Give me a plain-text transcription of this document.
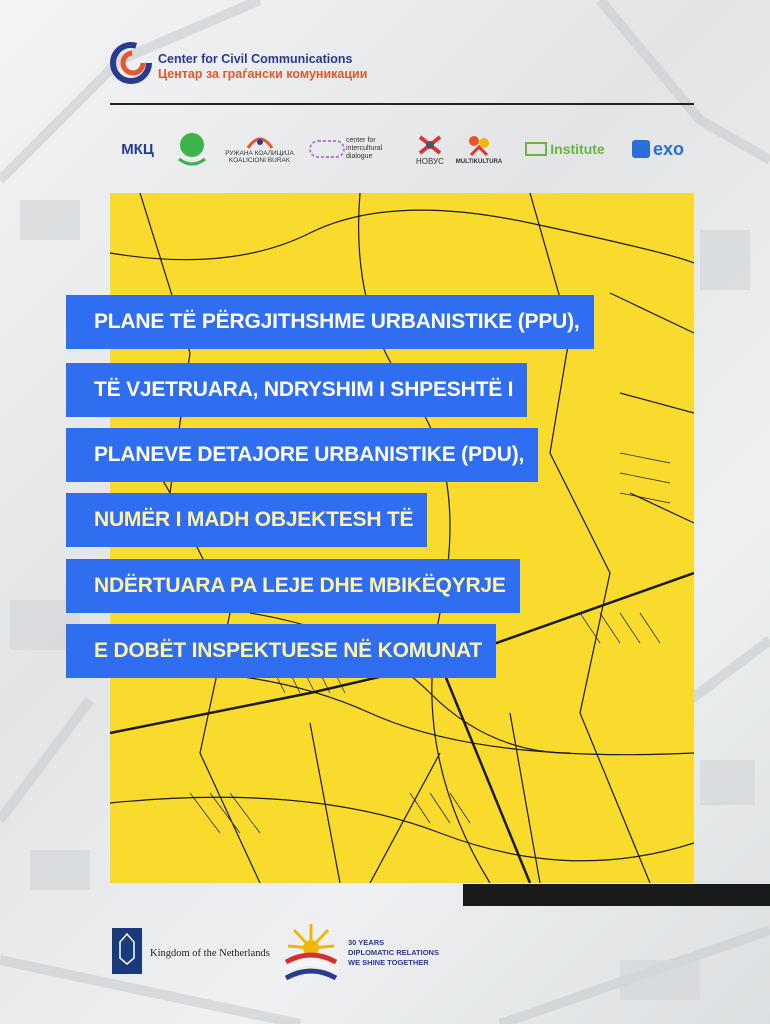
Center for Civil Communications
Центар за граѓански комуникации
МКЦ	РУЖАНА КОАЛИЦИЈА
KOALICIONI BURAK
center for intercultural dialogue	НОВУС MULTIKULTURA
Institute	exo
PLANE TË PËRGJITHSHME URBANISTIKE (PPU),
TË VJETRUARA, NDRYSHIM I SHPESHTË I
PLANEVE DETAJORE URBANISTIKE (PDU),
NUMËR I MADH OBJEKTESH TË
NDËRTUARA PA LEJE DHE MBIKËQYRJE
E DOBËT INSPEKTUESE NË KOMUNAT
Kingdom of the Netherlands
30 YEARS
DIPLOMATIC RELATIONS
WE SHINE TOGETHER
